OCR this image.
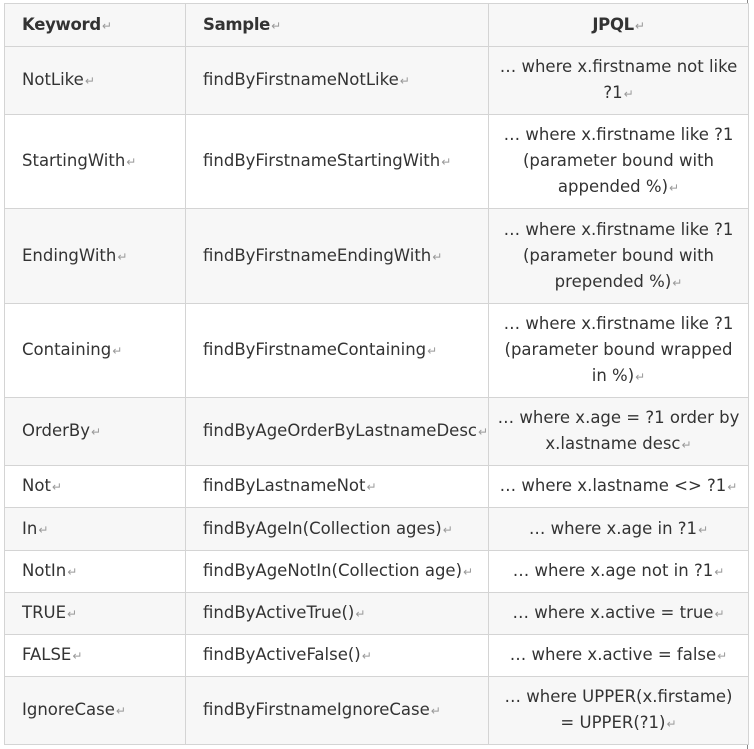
Keyword↵	Sample↵	JPQL↵
NotLike↵	findByFirstnameNotLike↵	… where x.firstname not like ?1↵
StartingWith↵	findByFirstnameStartingWith↵	… where x.firstname like ?1 (parameter bound with appended %)↵
EndingWith↵	findByFirstnameEndingWith↵	… where x.firstname like ?1 (parameter bound with prepended %)↵
Containing↵	findByFirstnameContaining↵	… where x.firstname like ?1 (parameter bound wrapped in %)↵
OrderBy↵	findByAgeOrderByLastnameDesc↵	… where x.age = ?1 order by x.lastname desc↵
Not↵	findByLastnameNot↵	… where x.lastname <> ?1↵
In↵	findByAgeIn(Collection ages)↵	… where x.age in ?1↵
NotIn↵	findByAgeNotIn(Collection age)↵	… where x.age not in ?1↵
TRUE↵	findByActiveTrue()↵	… where x.active = true↵
FALSE↵	findByActiveFalse()↵	… where x.active = false↵
IgnoreCase↵	findByFirstnameIgnoreCase↵	… where UPPER(x.firstame) = UPPER(?1)↵
